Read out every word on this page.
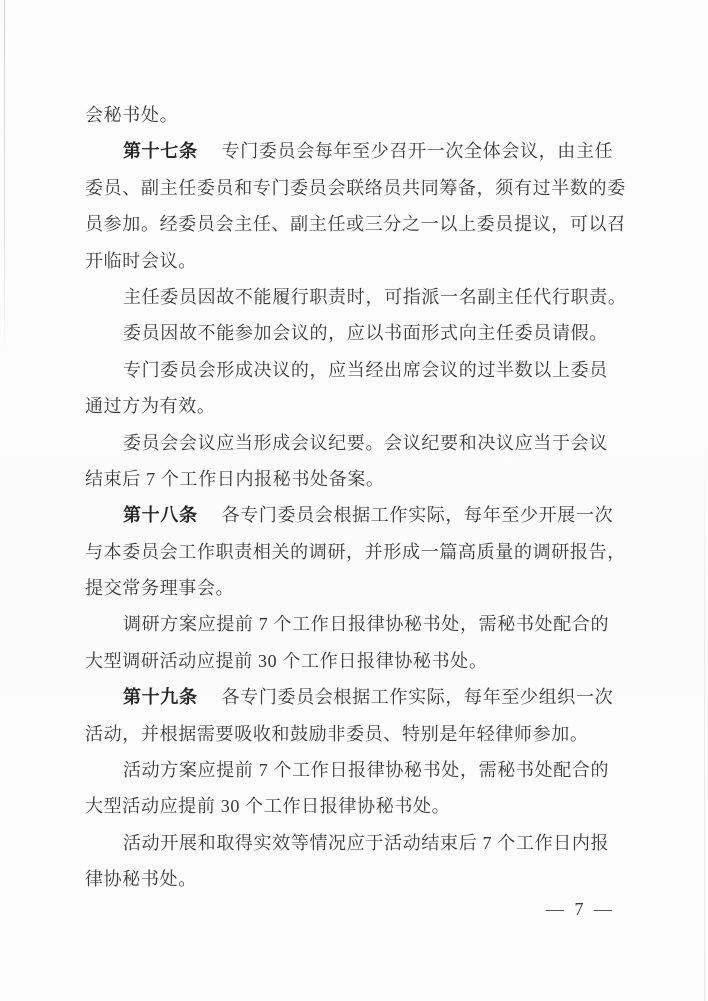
会秘书处。
第十七条 专门委员会每年至少召开一次全体会议，由主任
委员、副主任委员和专门委员会联络员共同筹备，须有过半数的委
员参加。经委员会主任、副主任或三分之一以上委员提议，可以召
开临时会议。
主任委员因故不能履行职责时，可指派一名副主任代行职责。
委员因故不能参加会议的，应以书面形式向主任委员请假。
专门委员会形成决议的，应当经出席会议的过半数以上委员
通过方为有效。
委员会会议应当形成会议纪要。会议纪要和决议应当于会议
结束后 7 个工作日内报秘书处备案。
第十八条 各专门委员会根据工作实际，每年至少开展一次
与本委员会工作职责相关的调研，并形成一篇高质量的调研报告，
提交常务理事会。
调研方案应提前 7 个工作日报律协秘书处，需秘书处配合的
大型调研活动应提前 30 个工作日报律协秘书处。
第十九条 各专门委员会根据工作实际，每年至少组织一次
活动，并根据需要吸收和鼓励非委员、特别是年轻律师参加。
活动方案应提前 7 个工作日报律协秘书处，需秘书处配合的
大型活动应提前 30 个工作日报律协秘书处。
活动开展和取得实效等情况应于活动结束后 7 个工作日内报
律协秘书处。
— 7 —
